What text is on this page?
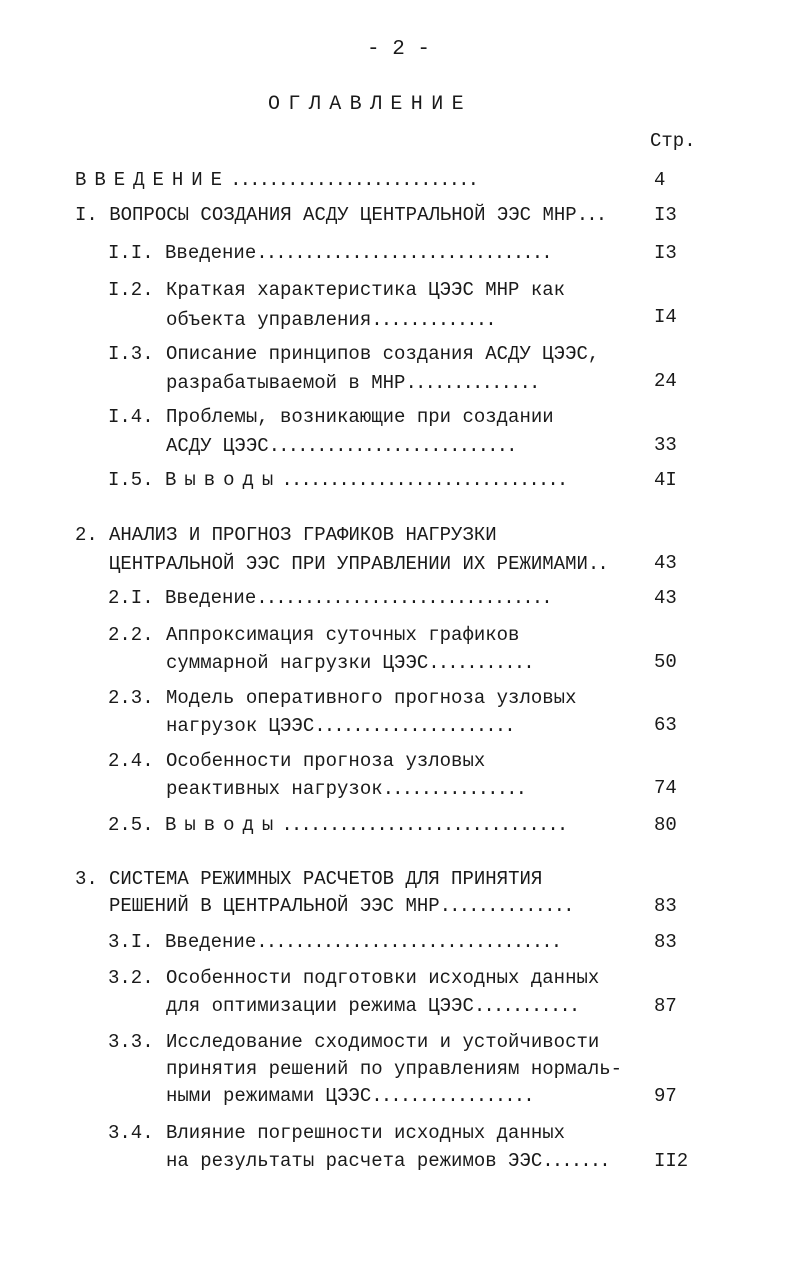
- 2 -
ОГЛАВЛЕНИЕ
Стр.
ВВЕДЕНИЕ..........................	4
I. ВОПРОСЫ СОЗДАНИЯ АСДУ ЦЕНТРАЛЬНОЙ ЭЭС МНР...	I3
I.I. Введение...............................	I3
I.2. Краткая характеристика ЦЭЭС МНР как
объекта управления.............	I4
I.3. Описание принципов создания АСДУ ЦЭЭС,
разрабатываемой в МНР..............	24
I.4. Проблемы, возникающие при создании
АСДУ ЦЭЭС..........................	33
I.5. Выводы..............................	4I
2. АНАЛИЗ И ПРОГНОЗ ГРАФИКОВ НАГРУЗКИ
ЦЕНТРАЛЬНОЙ ЭЭС ПРИ УПРАВЛЕНИИ ИХ РЕЖИМАМИ.. 43
2.I. Введение...............................	43
2.2. Аппроксимация суточных графиков
суммарной нагрузки ЦЭЭС...........	50
2.3. Модель оперативного прогноза узловых
нагрузок ЦЭЭС.....................	63
2.4. Особенности прогноза узловых
реактивных нагрузок...............	74
2.5. Выводы..............................	80
3. СИСТЕМА РЕЖИМНЫХ РАСЧЕТОВ ДЛЯ ПРИНЯТИЯ
РЕШЕНИЙ В ЦЕНТРАЛЬНОЙ ЭЭС МНР..............	83
3.I. Введение................................	83
3.2. Особенности подготовки исходных данных
для оптимизации режима ЦЭЭС...........	87
3.3. Исследование сходимости и устойчивости
принятия решений по управлениям нормаль-
ными режимами ЦЭЭС.................	97
3.4. Влияние погрешности исходных данных
на результаты расчета режимов ЭЭС....... II2
